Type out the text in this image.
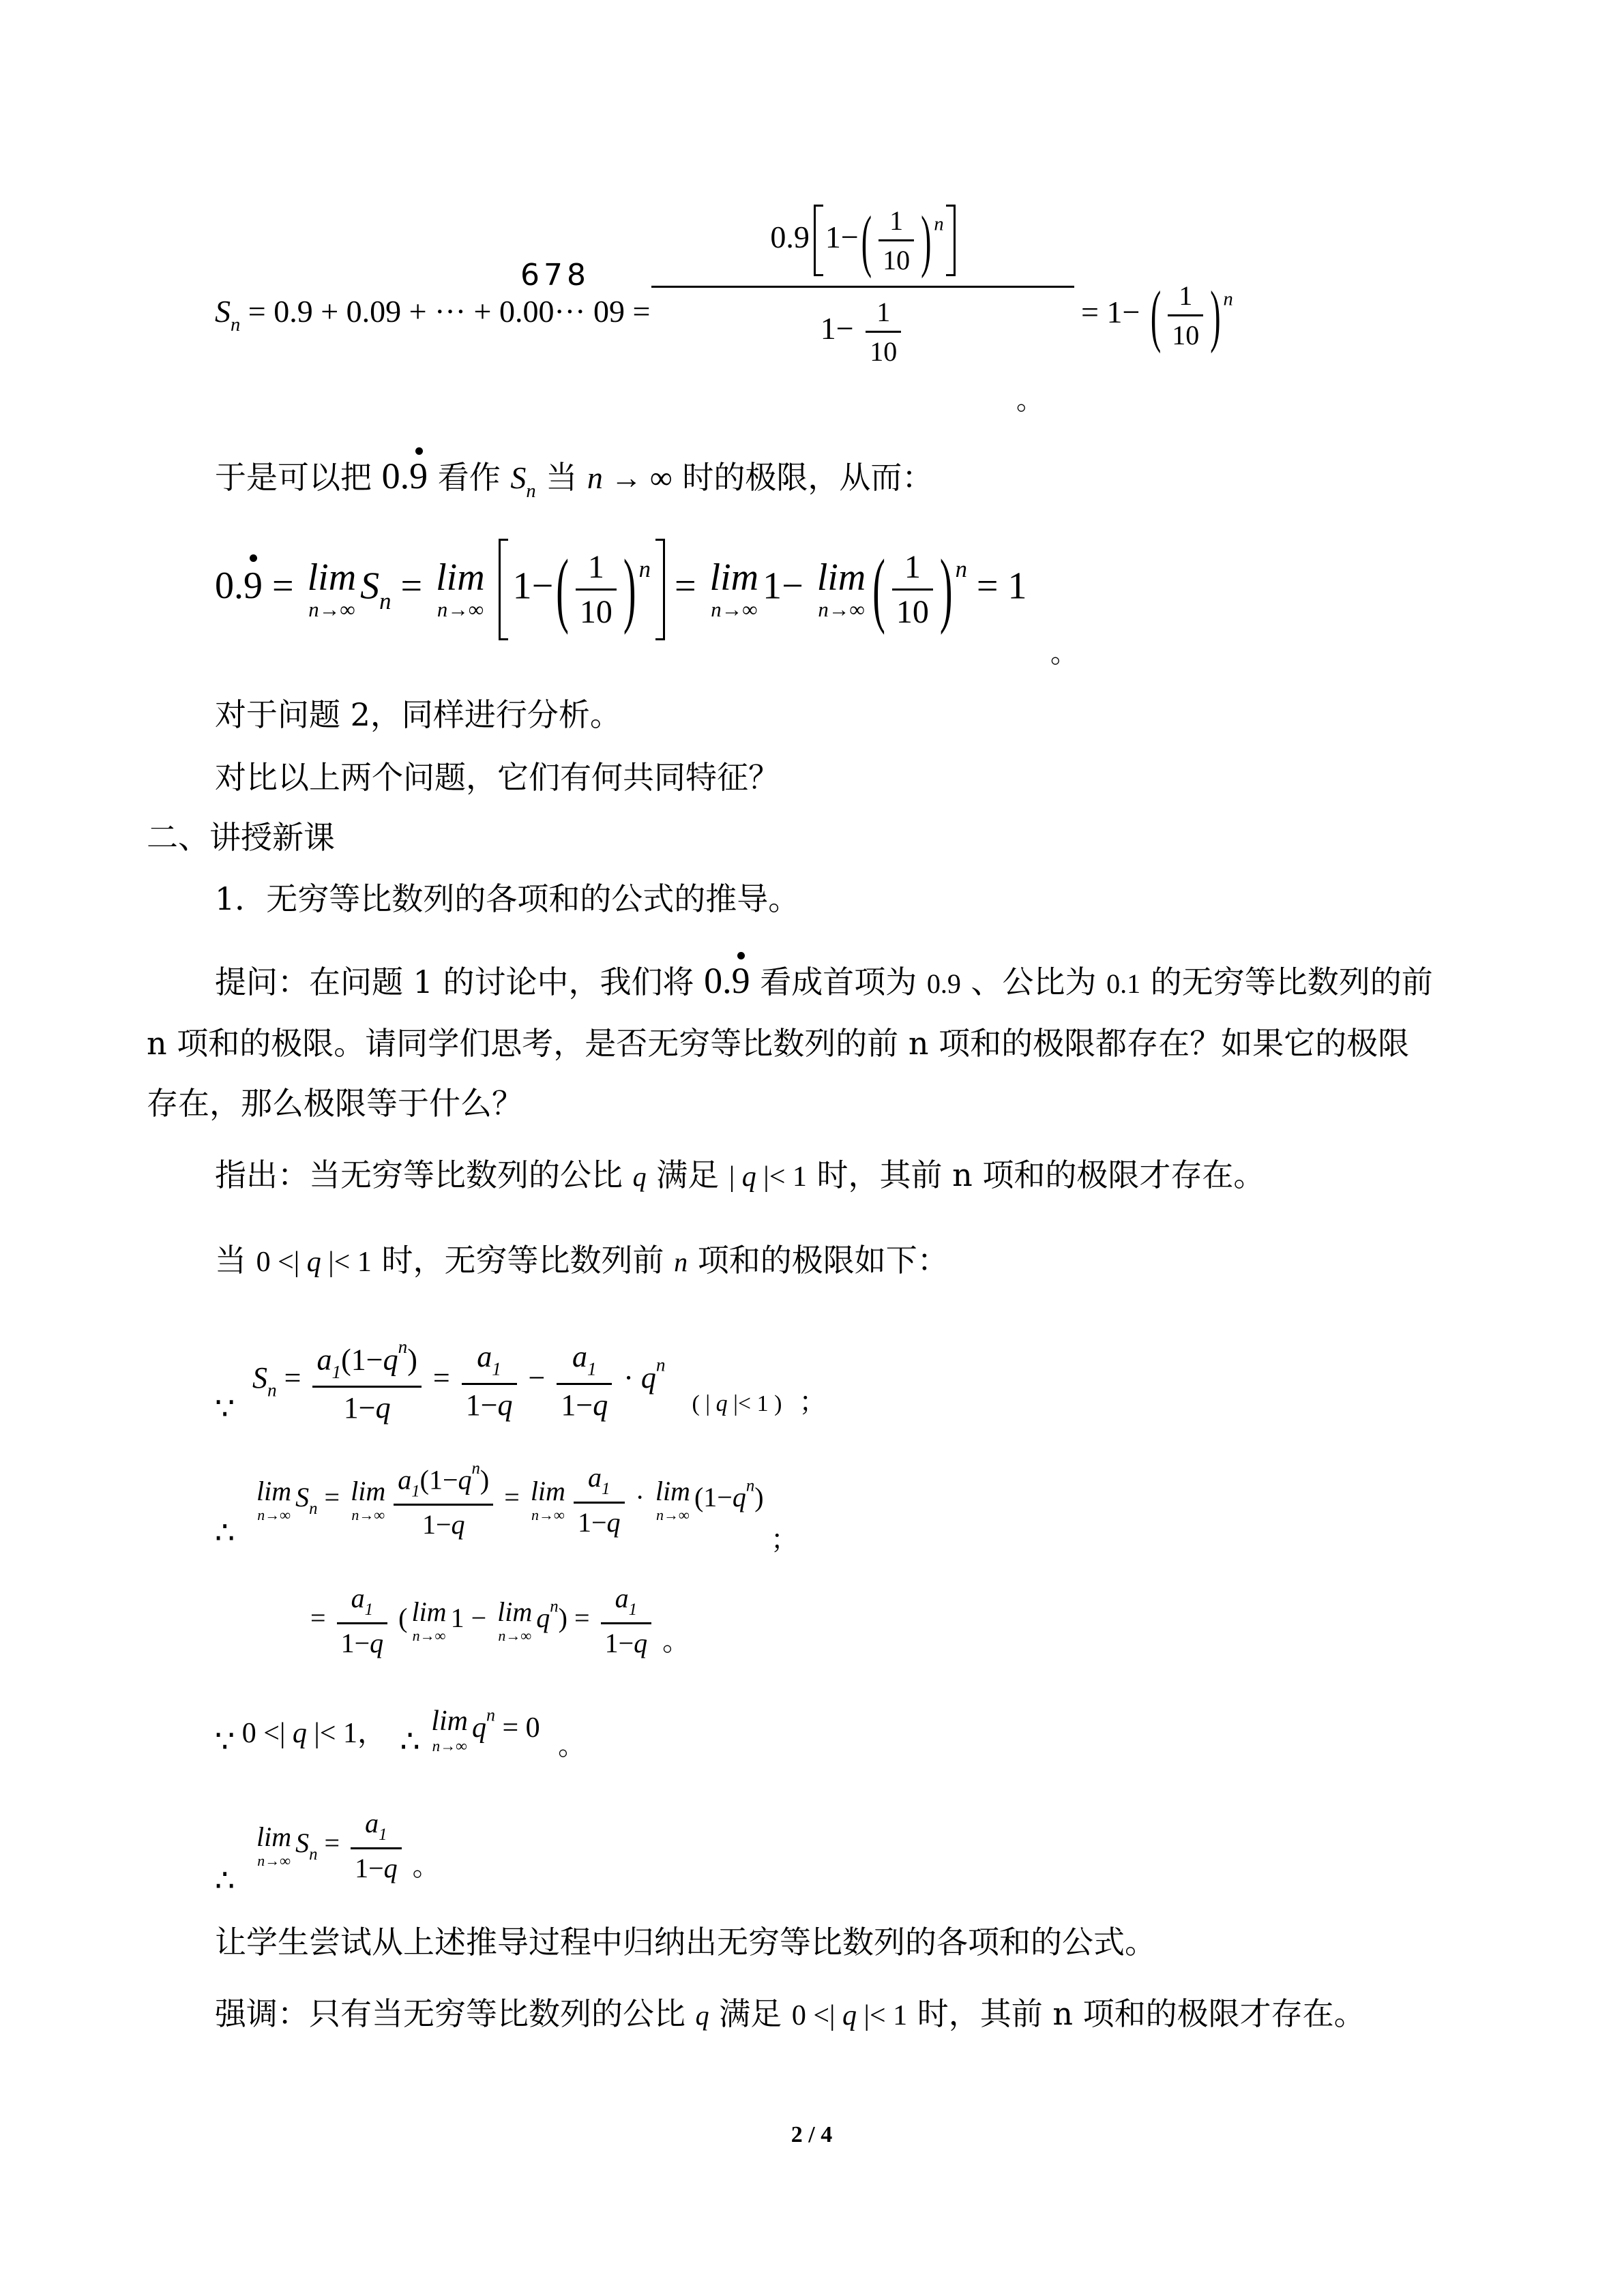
678
$S_n = 0.9 + 0.09$ + ··· + 0.00··· 09 =
0.9 $1-( \frac{1}{10}$ ) $^n$
$1- \frac{1}{10}$	= 1− ( $\frac{1}{10}$ ) $^n$
。
于是可以把 0.9 看作 $S_n$ 当 n → ∞ 时的极限，从而：
0.9 = lim
n→∞
$S_n = \lim$
n→∞
$1-( \frac{1}{10}$ ) $^n$ = lim
n→∞
1− lim
n→∞ ( $\frac{1}{10}$ ) $^n$ = 1
。
对于问题 2，同样进行分析。
对比以上两个问题，它们有何共同特征？
二、讲授新课
1．无穷等比数列的各项和的公式的推导。
提问：在问题 1 的讨论中，我们将 0.9 看成首项为 0.9 、公比为 0.1 的无穷等比数列的前
n 项和的极限。请同学们思考，是否无穷等比数列的前 n 项和的极限都存在？如果它的极限
存在，那么极限等于什么？
指出：当无穷等比数列的公比 q 满足 | q |< 1 时，其前 n 项和的极限才存在。
当 0 <| q |< 1 时，无穷等比数列前 n 项和的极限如下：
∵
$S_n = \frac{a_1(1-q^n)}{1-q} = \frac{a_1}{1-q} - \frac{a_1}{1-q} \cdot q^n$ $_{( | q |< 1 )}$ ；
∴
lim
n→∞
$S_n = \lim$
$n\to\infty \frac{a_1(1-q^n)}{1-q} = \lim$
$n\to\infty \frac{a_1}{1-q} \cdot \lim$
n→∞
$(1-q^n)$
；
= $\frac{a_1}{1-q}$ ( lim
n→∞
1 − lim
n→∞
$q^n) = \frac{a_1}{1-q}$ 。
∵ 0 <| q |< 1， ∴
lim
n→∞
$q^n = 0$ 。
∴
lim
n→∞
$S_n = \frac{a_1}{1-q}$ 。
让学生尝试从上述推导过程中归纳出无穷等比数列的各项和的公式。
强调：只有当无穷等比数列的公比 q 满足 0 <| q |< 1 时，其前 n 项和的极限才存在。
2 / 4
